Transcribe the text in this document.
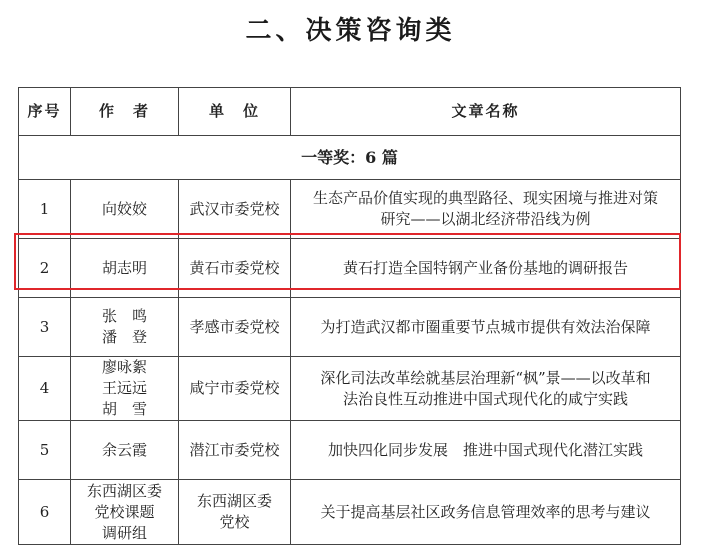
二、决策咨询类
序号	作　者	单　位	文章名称
一等奖：6 篇			
1	向姣姣	武汉市委党校	生态产品价值实现的典型路径、现实困境与推进对策
研究——以湖北经济带沿线为例
2	胡志明	黄石市委党校	黄石打造全国特钢产业备份基地的调研报告
3	张　鸣
潘　登	孝感市委党校	为打造武汉都市圈重要节点城市提供有效法治保障
4	廖咏絮
王远远
胡　雪	咸宁市委党校	深化司法改革绘就基层治理新“枫”景——以改革和
法治良性互动推进中国式现代化的咸宁实践
5	余云霞	潜江市委党校	加快四化同步发展　推进中国式现代化潜江实践
6	东西湖区委
党校课题
调研组	东西湖区委
党校	关于提高基层社区政务信息管理效率的思考与建议
